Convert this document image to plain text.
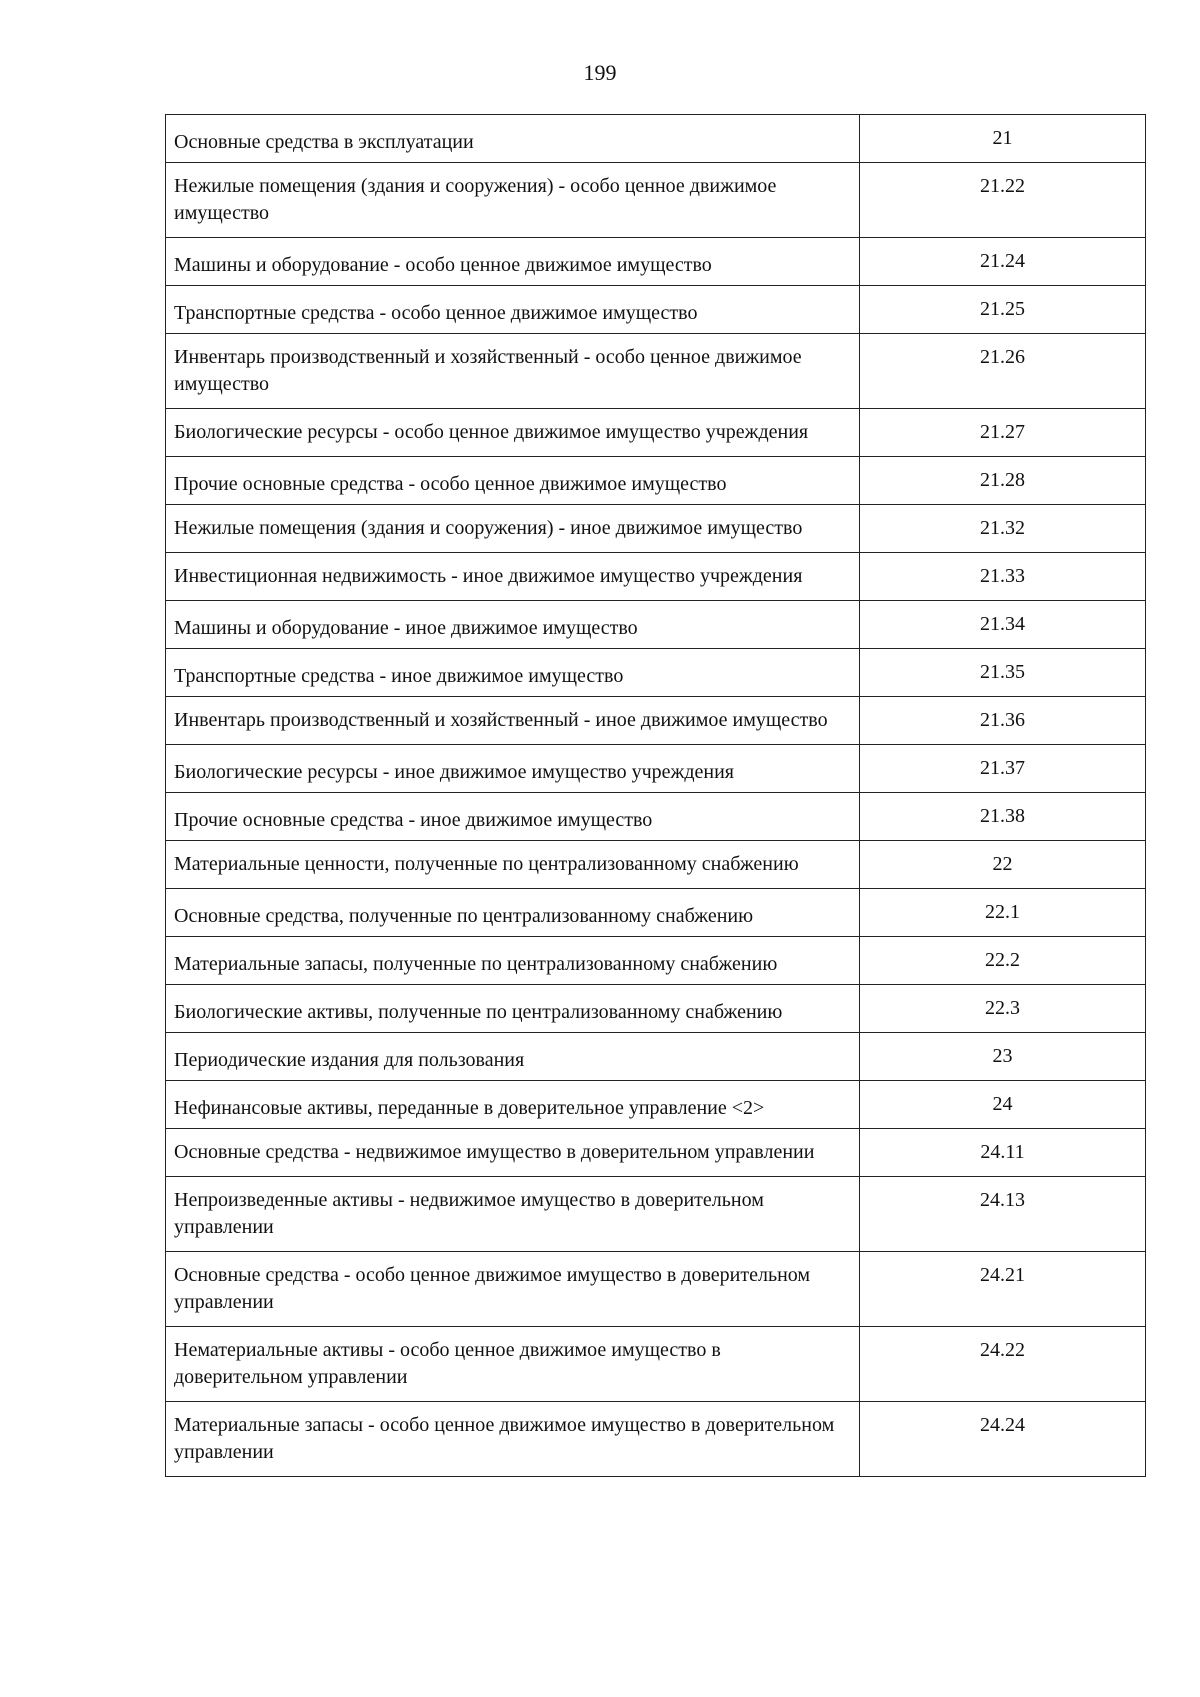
199
Основные средства в эксплуатации	21
Нежилые помещения (здания и сооружения) - особо ценное движимое имущество	21.22
Машины и оборудование - особо ценное движимое имущество	21.24
Транспортные средства - особо ценное движимое имущество	21.25
Инвентарь производственный и хозяйственный - особо ценное движимое имущество	21.26
Биологические ресурсы - особо ценное движимое имущество учреждения	21.27
Прочие основные средства - особо ценное движимое имущество	21.28
Нежилые помещения (здания и сооружения) - иное движимое имущество	21.32
Инвестиционная недвижимость - иное движимое имущество учреждения	21.33
Машины и оборудование - иное движимое имущество	21.34
Транспортные средства - иное движимое имущество	21.35
Инвентарь производственный и хозяйственный - иное движимое имущество	21.36
Биологические ресурсы - иное движимое имущество учреждения	21.37
Прочие основные средства - иное движимое имущество	21.38
Материальные ценности, полученные по централизованному снабжению	22
Основные средства, полученные по централизованному снабжению	22.1
Материальные запасы, полученные по централизованному снабжению	22.2
Биологические активы, полученные по централизованному снабжению	22.3
Периодические издания для пользования	23
Нефинансовые активы, переданные в доверительное управление <2>	24
Основные средства - недвижимое имущество в доверительном управлении	24.11
Непроизведенные активы - недвижимое имущество в доверительном управлении	24.13
Основные средства - особо ценное движимое имущество в доверительном управлении	24.21
Нематериальные активы - особо ценное движимое имущество в доверительном управлении	24.22
Материальные запасы - особо ценное движимое имущество в доверительном управлении	24.24
